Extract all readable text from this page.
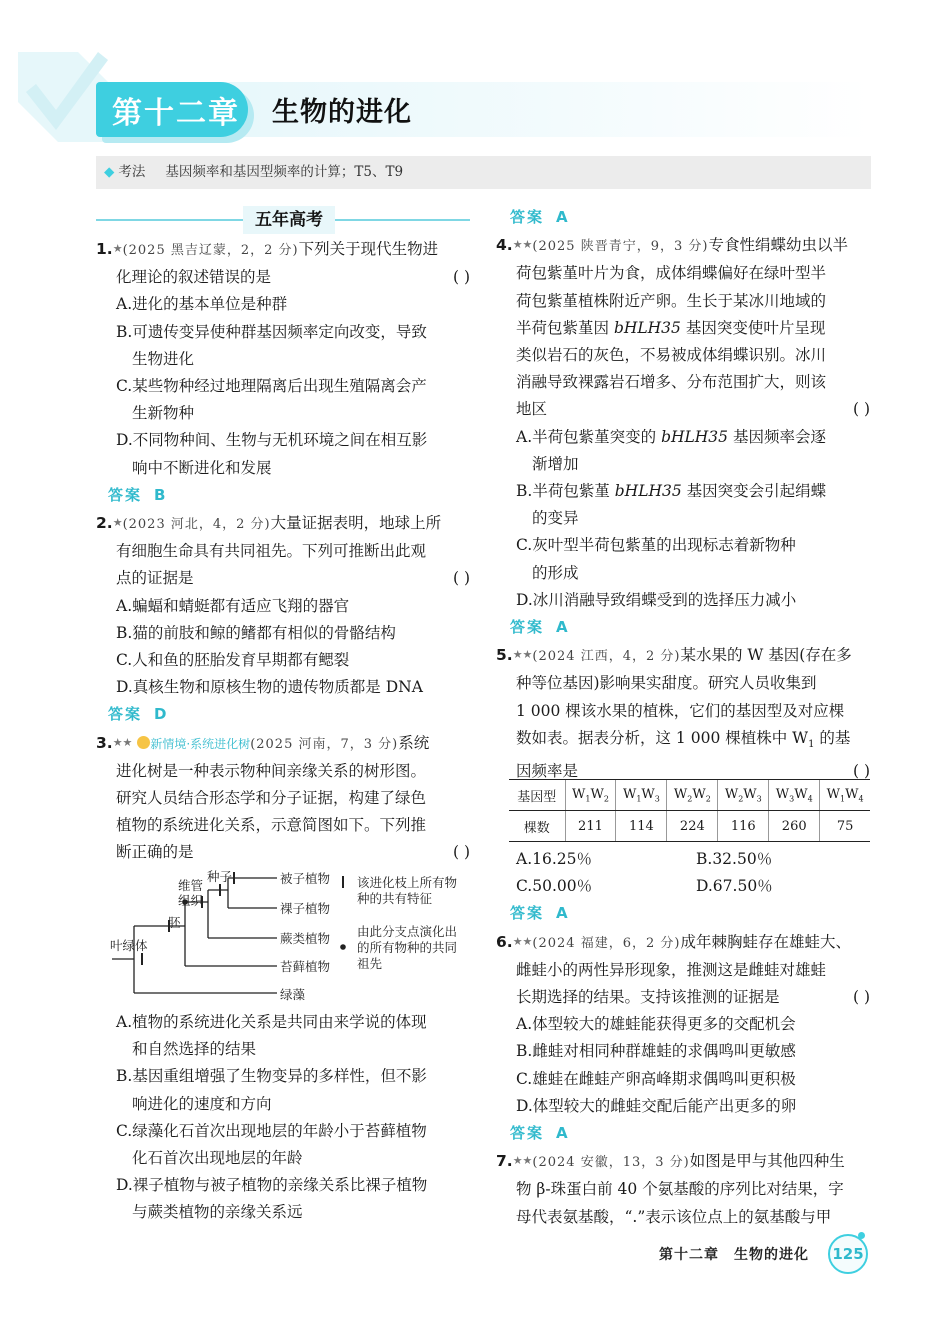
第十二章 生物的进化
◆ 考法 基因频率和基因型频率的计算；T5、T9
五年高考

1.★(2025 黑吉辽蒙，2，2 分)下列关于现代生物进

化理论的叙述错误的是	( )

A.进化的基本单位是种群

B.可遗传变异使种群基因频率定向改变，导致

生物进化

C.某些物种经过地理隔离后出现生殖隔离会产

生新物种

D.不同物种间、生物与无机环境之间在相互影

响中不断进化和发展

答案 B

2.★(2023 河北，4，2 分)大量证据表明，地球上所

有细胞生命具有共同祖先。下列可推断出此观

点的证据是	( )

A.蝙蝠和蜻蜓都有适应飞翔的器官

B.猫的前肢和鲸的鳍都有相似的骨骼结构

C.人和鱼的胚胎发育早期都有鳃裂

D.真核生物和原核生物的遗传物质都是 DNA

答案 D

3.★★ 新情境·系统进化树(2025 河南，7，3 分)系统

进化树是一种表示物种间亲缘关系的树形图。

研究人员结合形态学和分子证据，构建了绿色

植物的系统进化关系，示意简图如下。下列推

断正确的是	( )

叶绿体
胚
维管
组织
种子	被子植物
裸子植物
蕨类植物
苔藓植物
绿藻
该进化枝上所有物
种的共有特征
由此分支点演化出
的所有物种的共同
祖先

A.植物的系统进化关系是共同由来学说的体现

和自然选择的结果

B.基因重组增强了生物变异的多样性，但不影

响进化的速度和方向

C.绿藻化石首次出现地层的年龄小于苔藓植物

化石首次出现地层的年龄

D.裸子植物与被子植物的亲缘关系比裸子植物

与蕨类植物的亲缘关系远

答案 A

4.★★(2025 陕晋青宁，9，3 分)专食性绢蝶幼虫以半

荷包紫堇叶片为食，成体绢蝶偏好在绿叶型半

荷包紫堇植株附近产卵。生长于某冰川地域的

半荷包紫堇因 bHLH35 基因突变使叶片呈现

类似岩石的灰色，不易被成体绢蝶识别。冰川

消融导致裸露岩石增多、分布范围扩大，则该

地区	( )

A.半荷包紫堇突变的 bHLH35 基因频率会逐

渐增加

B.半荷包紫堇 bHLH35 基因突变会引起绢蝶

的变异

C.灰叶型半荷包紫堇的出现标志着新物种

的形成

D.冰川消融导致绢蝶受到的选择压力减小

答案 A

5.★★(2024 江西，4，2 分)某水果的 W 基因(存在多

种等位基因)影响果实甜度。研究人员收集到

1 000 棵该水果的植株，它们的基因型及对应棵

数如表。据表分析，这 1 000 棵植株中 $W_1$ 的基

因频率是	( )

基因型	$W_1W_2$	$W_1W_3$	$W_2W_2$	$W_2W_3$	$W_3W_4$	$W_1W_4$
棵数	211	114	224	116	260	75

A.16.25％	B.32.50％

C.50.00％	D.67.50％

答案 A

6.★★(2024 福建，6，2 分)成年棘胸蛙存在雄蛙大、

雌蛙小的两性异形现象，推测这是雌蛙对雄蛙

长期选择的结果。支持该推测的证据是	( )

A.体型较大的雄蛙能获得更多的交配机会

B.雌蛙对相同种群雄蛙的求偶鸣叫更敏感

C.雄蛙在雌蛙产卵高峰期求偶鸣叫更积极

D.体型较大的雌蛙交配后能产出更多的卵

答案 A

7.★★(2024 安徽，13，3 分)如图是甲与其他四种生

物 β-珠蛋白前 40 个氨基酸的序列比对结果，字

母代表氨基酸，“.”表示该位点上的氨基酸与甲

第十二章　生物的进化 125
